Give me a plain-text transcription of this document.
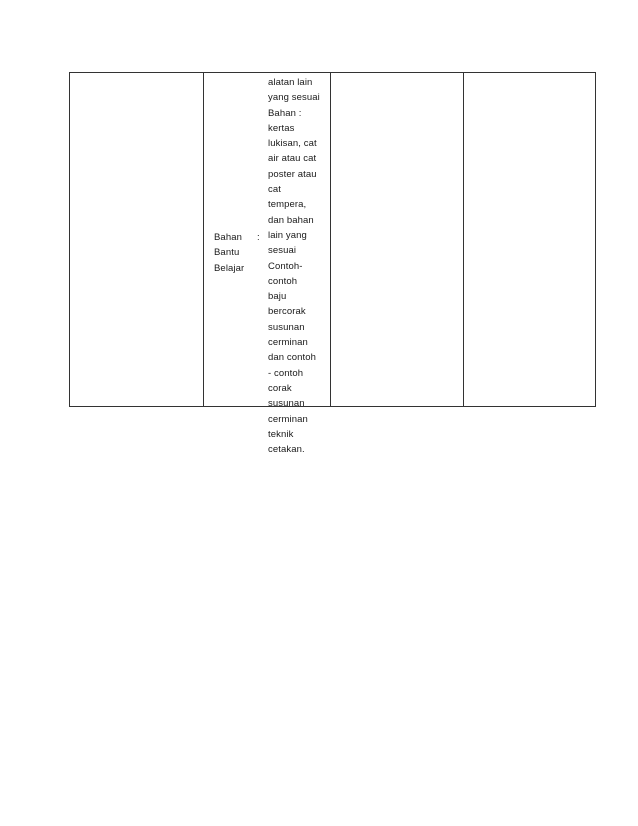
Bahan
Bantu
Belajar
:
alatan lain
yang sesuai
Bahan :
kertas
lukisan, cat
air atau cat
poster atau
cat
tempera,
dan bahan
lain yang
sesuai
Contoh-
contoh
baju
bercorak
susunan
cerminan
dan contoh
- contoh
corak
susunan
cerminan
teknik
cetakan.
